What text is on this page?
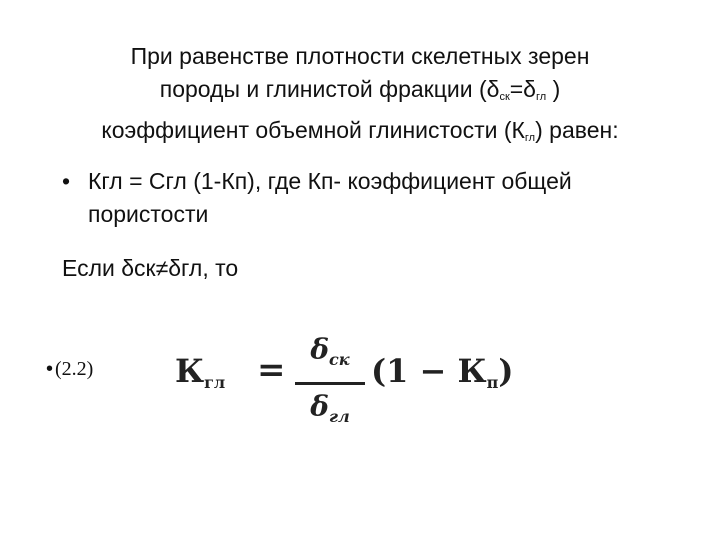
При равенстве плотности скелетных зерен
породы и глинистой фракции ($\delta_{ск}=\delta_{гл}$ )
коэффициент объемной глинистости $(К_{гл})$ равен:
• Кгл = Сгл (1-Кп), где Кп- коэффициент общей пористости
Если δск≠δгл, то
• (2.2)	$К_{гл}$ =
$\delta_{ск}$
$\delta_{гл}$
$(1 - К_п)$
